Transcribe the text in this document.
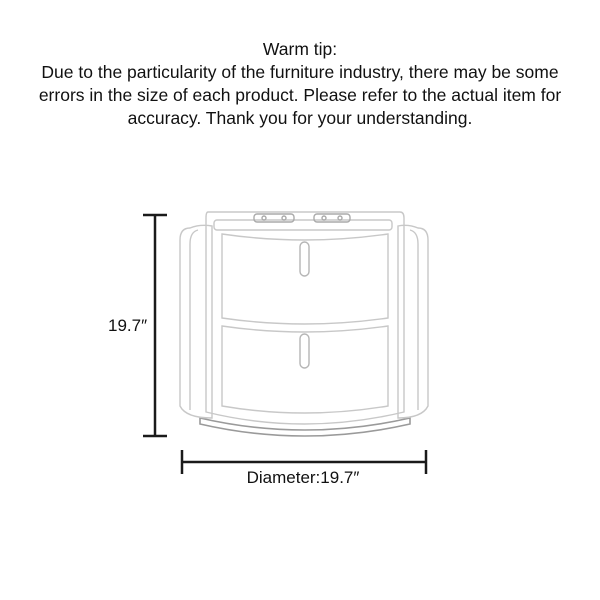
Warm tip:
Due to the particularity of the furniture industry, there may be some
errors in the size of each product. Please refer to the actual item for
accuracy. Thank you for your understanding.
19.7″
Diameter:19.7″
